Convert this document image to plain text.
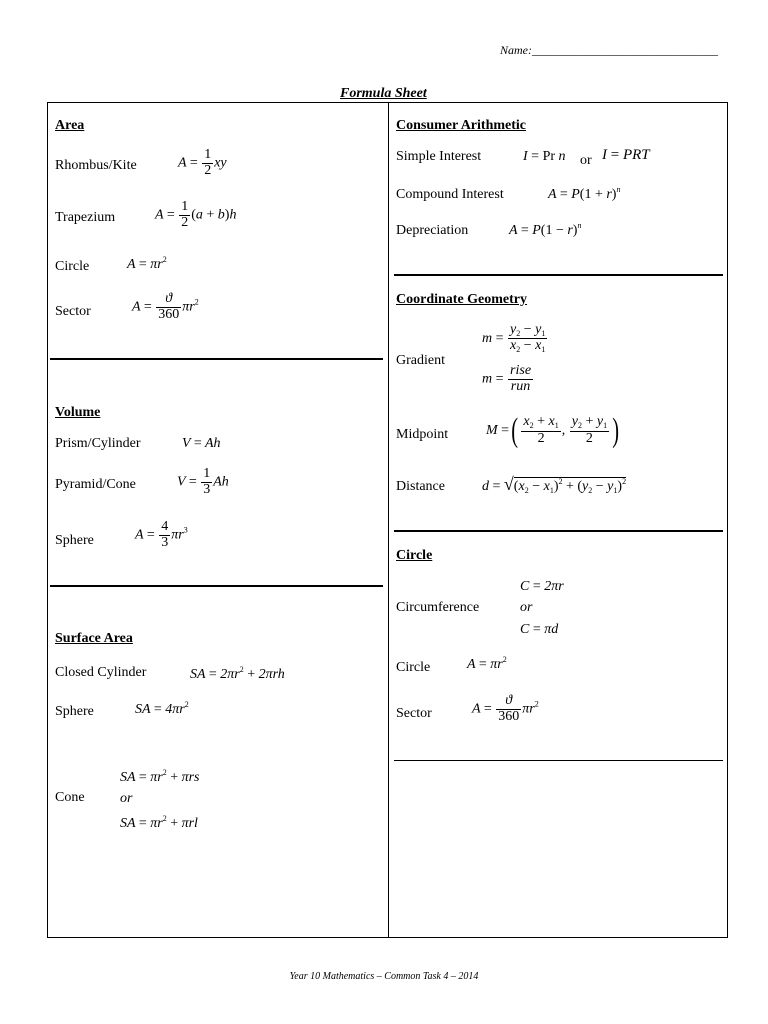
Name:_______________________________
Formula Sheet
Area
Rhombus/Kite	$A = \frac{1}{2}$ xy
Trapezium	$A = \frac{1}{2} (a + b)h$
Circle	$A = \pi r^2$
Sector	$A = \frac{ϑ}{360} \pi r^2$
Volume
Prism/Cylinder	V = Ah
Pyramid/Cone	$V = \frac{1}{3}$ Ah
Sphere	$A = \frac{4}{3} \pi r^3$
Surface Area
Closed Cylinder	SA = $2\pi r^2 + 2\pi rh$
Sphere	SA = $4\pi r^2$
Cone
SA = $\pi r^2 + \pi rs$
or
SA = $\pi r^2 + \pi rl$
Consumer Arithmetic
Simple Interest	I = Pr n or I = PRT
Compound Interest	$A = P(1 + r)^n$
Depreciation	$A = P(1 - r)^n$
Coordinate Geometry
Gradient
$m = \frac{y_2 - y_1}{x_2 - x_1}$
$m = \frac{\text{rise}}{\text{run}}$
Midpoint	M =( $\frac{x_2 + x_1}{2}$ , $\frac{y_2 + y_1}{2}$ )
Distance	$d = √(x_2 - x_1)^2 + (y_2 - y_1)^2$
Circle
Circumference
C = 2πr
or
C = πd
Circle	$A = \pi r^2$
Sector	$A = \frac{ϑ}{360} \pi r^2$
Year 10 Mathematics – Common Task 4 – 2014
